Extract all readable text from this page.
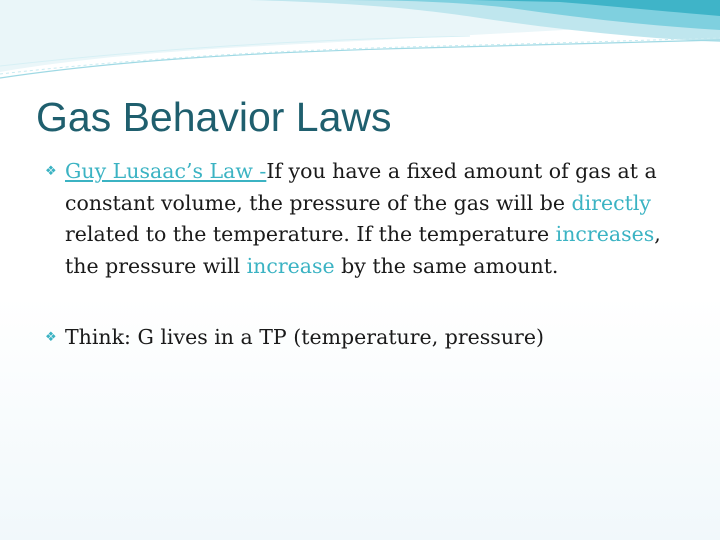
Gas Behavior Laws

❖ Guy Lusaac’s Law -If you have a fixed amount of gas at a constant volume, the pressure of the gas will be directly related to the temperature. If the temperature increases, the pressure will increase by the same amount.

❖ Think: G lives in a TP (temperature, pressure)
